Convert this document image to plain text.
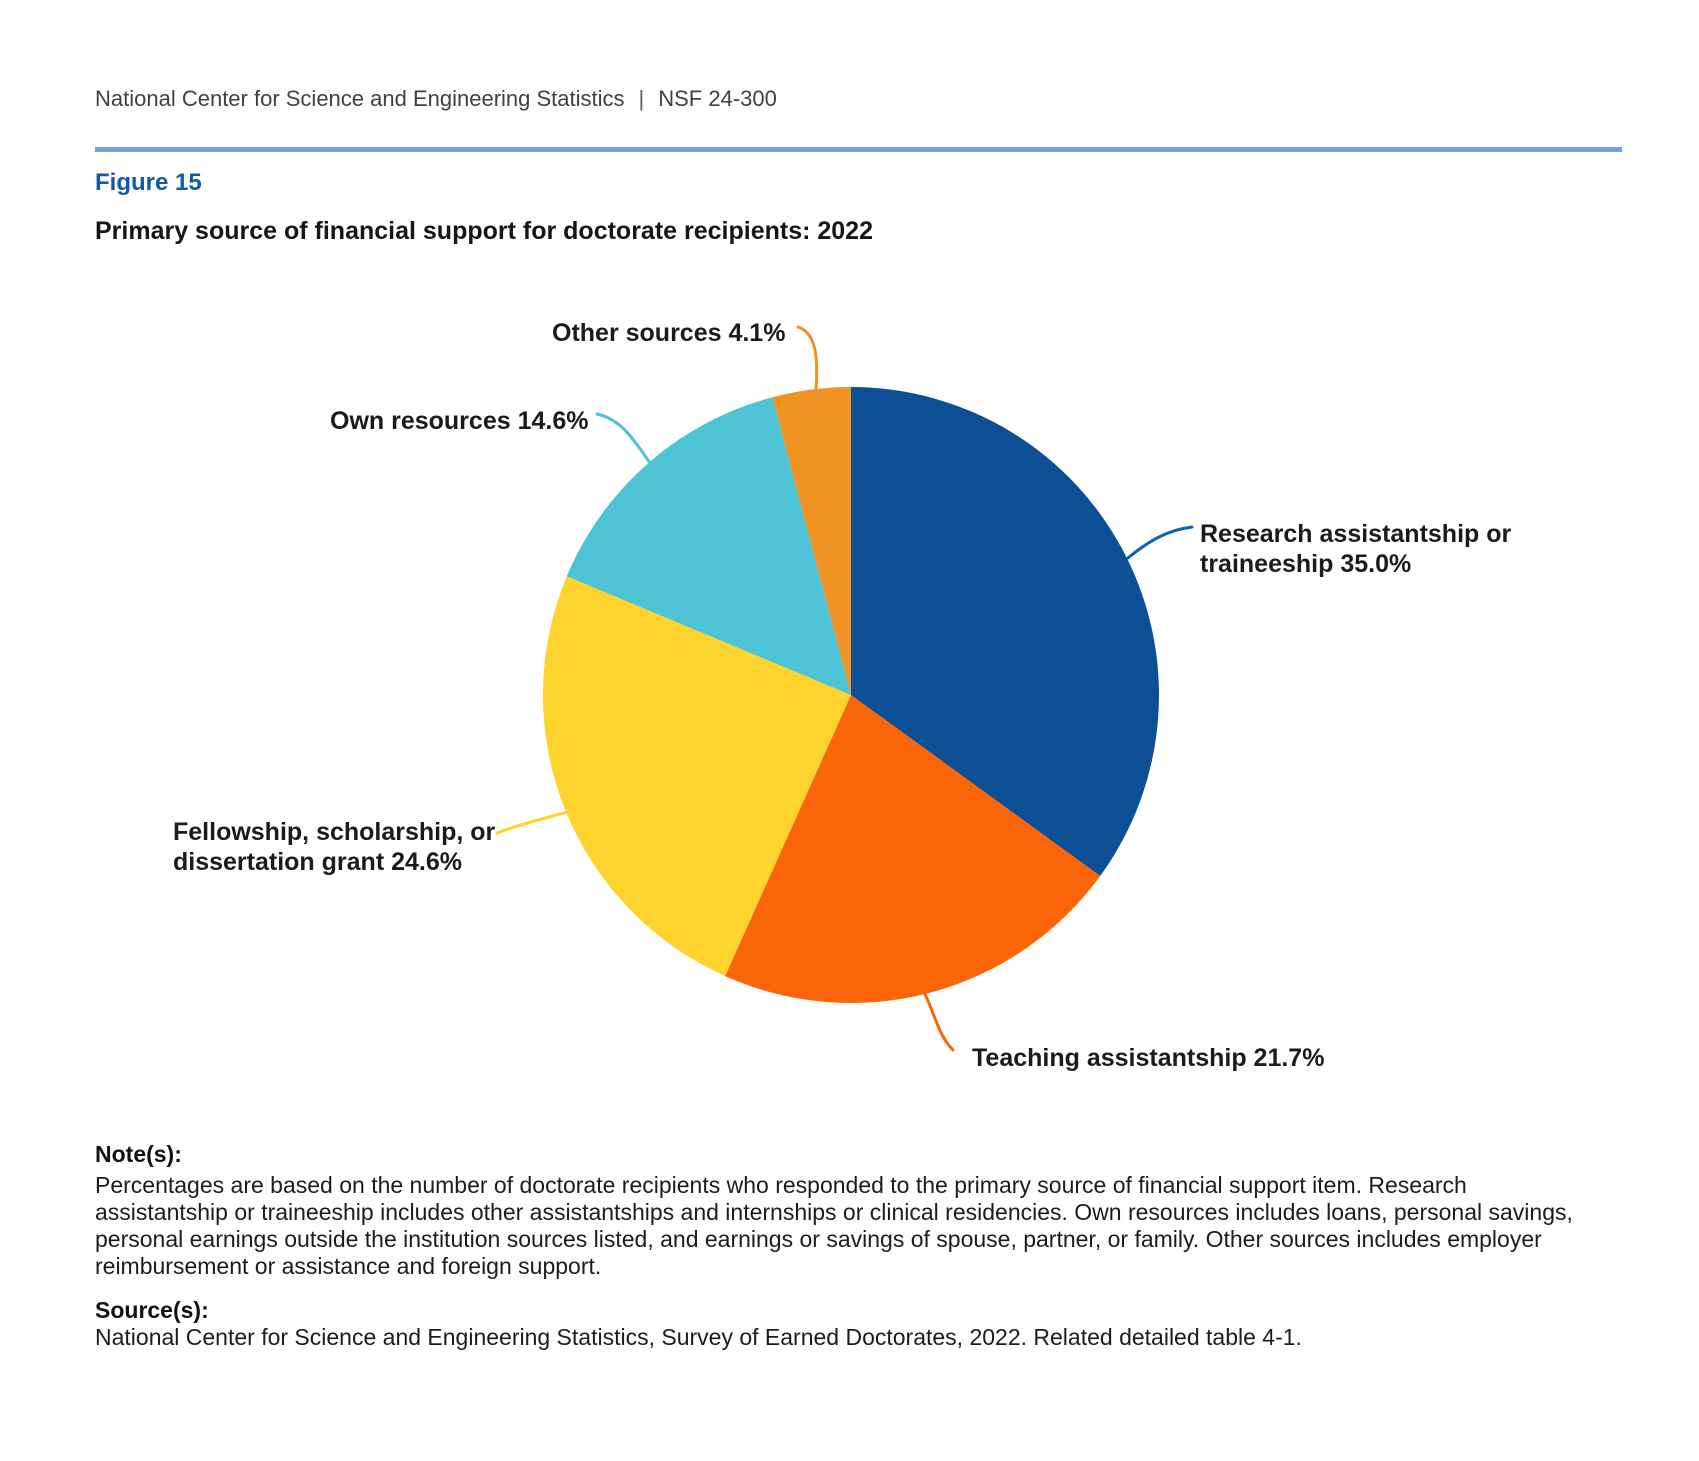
National Center for Science and Engineering Statistics | NSF 24-300
Figure 15
Primary source of financial support for doctorate recipients: 2022
Other sources 4.1%
Own resources 14.6%
Research assistantship or
traineeship 35.0%
Fellowship, scholarship, or
dissertation grant 24.6%
Teaching assistantship 21.7%
Note(s):
Percentages are based on the number of doctorate recipients who responded to the primary source of financial support item. Research
assistantship or traineeship includes other assistantships and internships or clinical residencies. Own resources includes loans, personal savings,
personal earnings outside the institution sources listed, and earnings or savings of spouse, partner, or family. Other sources includes employer
reimbursement or assistance and foreign support.
Source(s):
National Center for Science and Engineering Statistics, Survey of Earned Doctorates, 2022. Related detailed table 4-1.
